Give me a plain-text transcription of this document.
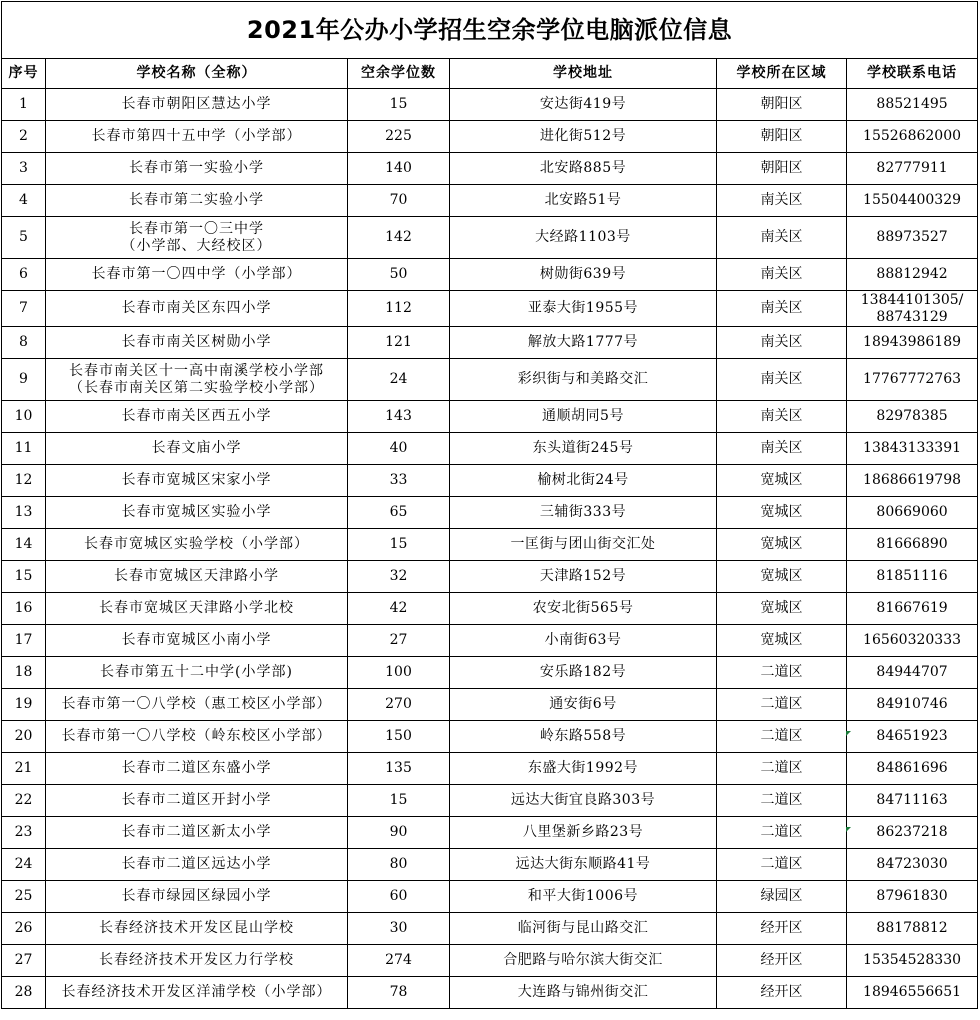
2021年公办小学招生空余学位电脑派位信息					
序号	学校名称（全称）	空余学位数	学校地址	学校所在区域	学校联系电话
1	长春市朝阳区慧达小学	15	安达街419号	朝阳区	88521495
2	长春市第四十五中学（小学部）	225	进化街512号	朝阳区	15526862000
3	长春市第一实验小学	140	北安路885号	朝阳区	82777911
4	长春市第二实验小学	70	北安路51号	南关区	15504400329
5	长春市第一〇三中学
（小学部、大经校区）	142	大经路1103号	南关区	88973527
6	长春市第一〇四中学（小学部）	50	树勋街639号	南关区	88812942
7	长春市南关区东四小学	112	亚泰大街1955号	南关区	13844101305/
88743129
8	长春市南关区树勋小学	121	解放大路1777号	南关区	18943986189
9	长春市南关区十一高中南溪学校小学部
（长春市南关区第二实验学校小学部）	24	彩织街与和美路交汇	南关区	17767772763
10	长春市南关区西五小学	143	通顺胡同5号	南关区	82978385
11	长春文庙小学	40	东头道街245号	南关区	13843133391
12	长春市宽城区宋家小学	33	榆树北街24号	宽城区	18686619798
13	长春市宽城区实验小学	65	三辅街333号	宽城区	80669060
14	长春市宽城区实验学校（小学部）	15	一匡街与团山街交汇处	宽城区	81666890
15	长春市宽城区天津路小学	32	天津路152号	宽城区	81851116
16	长春市宽城区天津路小学北校	42	农安北街565号	宽城区	81667619
17	长春市宽城区小南小学	27	小南街63号	宽城区	16560320333
18	长春市第五十二中学(小学部)	100	安乐路182号	二道区	84944707
19	长春市第一〇八学校（惠工校区小学部）	270	通安街6号	二道区	84910746
20	长春市第一〇八学校（岭东校区小学部）	150	岭东路558号	二道区	84651923
21	长春市二道区东盛小学	135	东盛大街1992号	二道区	84861696
22	长春市二道区开封小学	15	远达大街宜良路303号	二道区	84711163
23	长春市二道区新太小学	90	八里堡新乡路23号	二道区	86237218
24	长春市二道区远达小学	80	远达大街东顺路41号	二道区	84723030
25	长春市绿园区绿园小学	60	和平大街1006号	绿园区	87961830
26	长春经济技术开发区昆山学校	30	临河街与昆山路交汇	经开区	88178812
27	长春经济技术开发区力行学校	274	合肥路与哈尔滨大街交汇	经开区	15354528330
28	长春经济技术开发区洋浦学校（小学部）	78	大连路与锦州街交汇	经开区	18946556651
